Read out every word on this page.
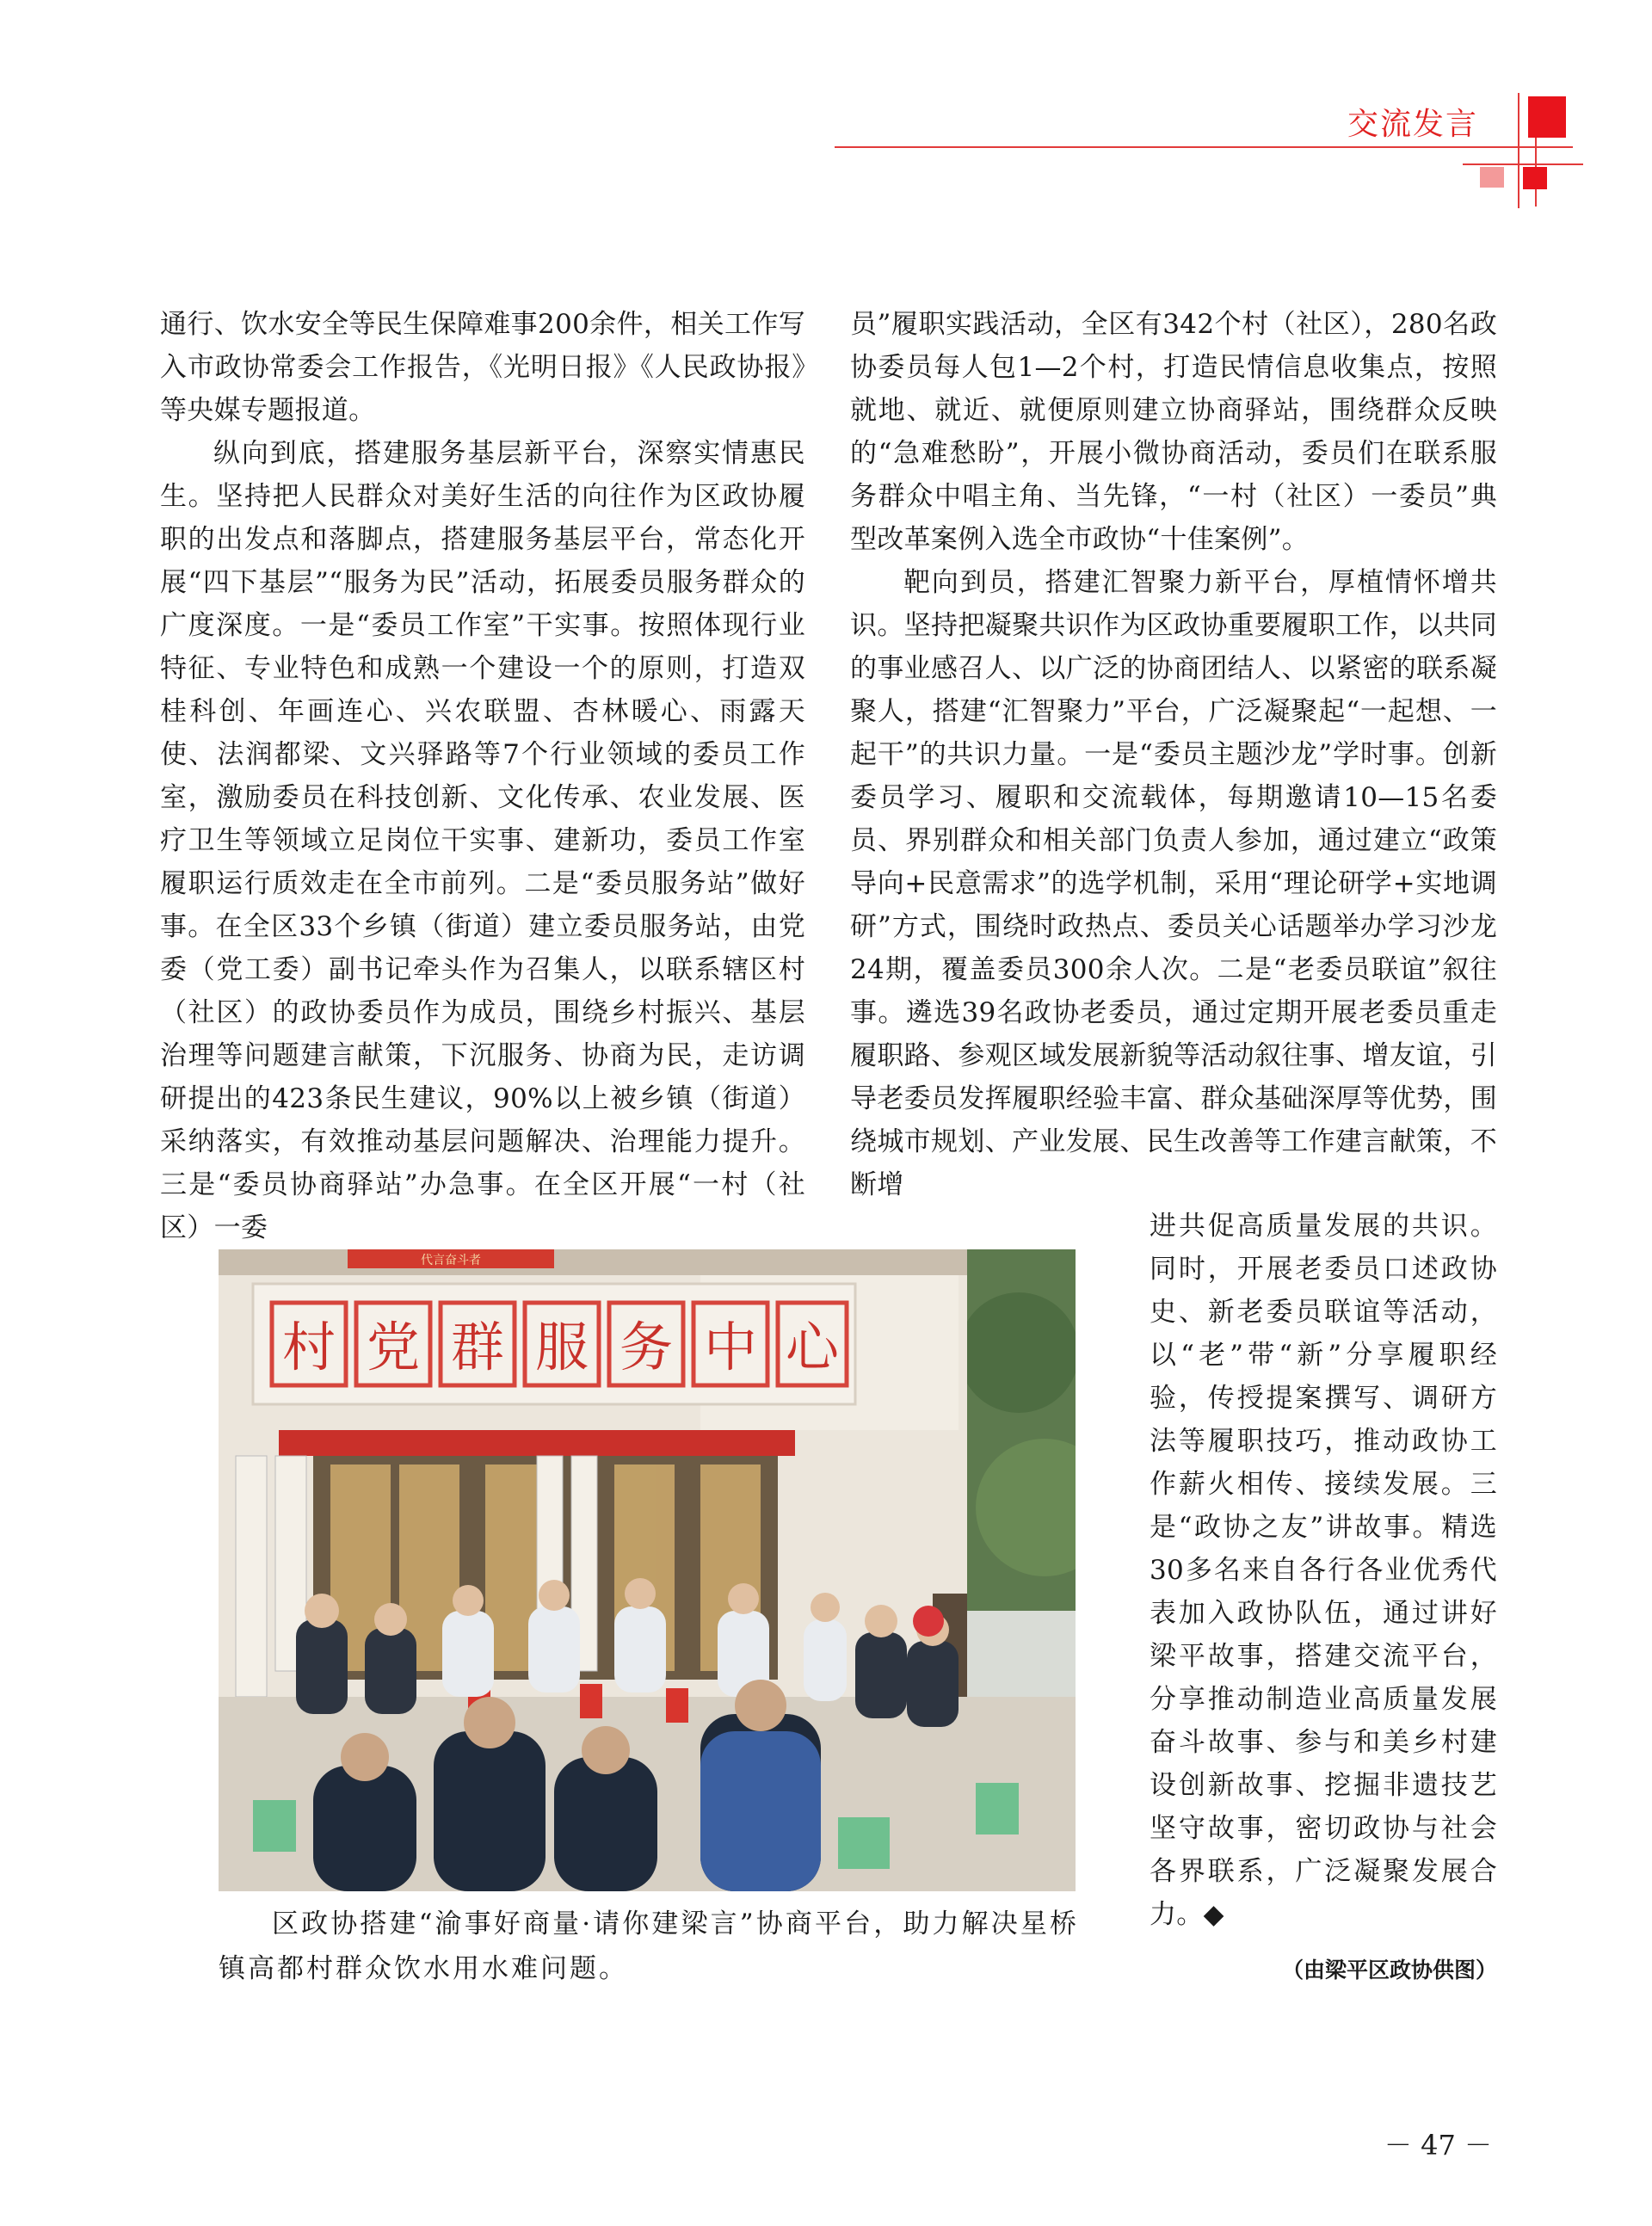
交流发言

通行、饮水安全等民生保障难事200余件，相关工作写入市政协常委会工作报告，《光明日报》《人民政协报》等央媒专题报道。

纵向到底，搭建服务基层新平台，深察实情惠民生。坚持把人民群众对美好生活的向往作为区政协履职的出发点和落脚点，搭建服务基层平台，常态化开展“四下基层”“服务为民”活动，拓展委员服务群众的广度深度。一是“委员工作室”干实事。按照体现行业特征、专业特色和成熟一个建设一个的原则，打造双桂科创、年画连心、兴农联盟、杏林暖心、雨露天使、法润都梁、文兴驿路等7个行业领域的委员工作室，激励委员在科技创新、文化传承、农业发展、医疗卫生等领域立足岗位干实事、建新功，委员工作室履职运行质效走在全市前列。二是“委员服务站”做好事。在全区33个乡镇（街道）建立委员服务站，由党委（党工委）副书记牵头作为召集人，以联系辖区村（社区）的政协委员作为成员，围绕乡村振兴、基层治理等问题建言献策，下沉服务、协商为民，走访调研提出的423条民生建议，90%以上被乡镇（街道）采纳落实，有效推动基层问题解决、治理能力提升。三是“委员协商驿站”办急事。在全区开展“一村（社区）一委

员”履职实践活动，全区有342个村（社区），280名政协委员每人包1—2个村，打造民情信息收集点，按照就地、就近、就便原则建立协商驿站，围绕群众反映的“急难愁盼”，开展小微协商活动，委员们在联系服务群众中唱主角、当先锋，“一村（社区）一委员”典型改革案例入选全市政协“十佳案例”。

靶向到员，搭建汇智聚力新平台，厚植情怀增共识。坚持把凝聚共识作为区政协重要履职工作，以共同的事业感召人、以广泛的协商团结人、以紧密的联系凝聚人，搭建“汇智聚力”平台，广泛凝聚起“一起想、一起干”的共识力量。一是“委员主题沙龙”学时事。创新委员学习、履职和交流载体，每期邀请10—15名委员、界别群众和相关部门负责人参加，通过建立“政策导向+民意需求”的选学机制，采用“理论研学+实地调研”方式，围绕时政热点、委员关心话题举办学习沙龙24期，覆盖委员300余人次。二是“老委员联谊”叙往事。遴选39名政协老委员，通过定期开展老委员重走履职路、参观区域发展新貌等活动叙往事、增友谊，引导老委员发挥履职经验丰富、群众基础深厚等优势，围绕城市规划、产业发展、民生改善等工作建言献策，不断增

进共促高质量发展的共识。同时，开展老委员口述政协史、新老委员联谊等活动，以“老”带“新”分享履职经验，传授提案撰写、调研方法等履职技巧，推动政协工作薪火相传、接续发展。三是“政协之友”讲故事。精选30多名来自各行各业优秀代表加入政协队伍，通过讲好梁平故事，搭建交流平台，分享推动制造业高质量发展奋斗故事、参与和美乡村建设创新故事、挖掘非遗技艺坚守故事，密切政协与社会各界联系，广泛凝聚发展合力。◆

代言奋斗者
村 党 群 服 务 中 心
区政协搭建“渝事好商量·请你建梁言”协商平台，助力解决星桥镇高都村群众饮水用水难问题。	（由梁平区政协供图）
－ 47 －
